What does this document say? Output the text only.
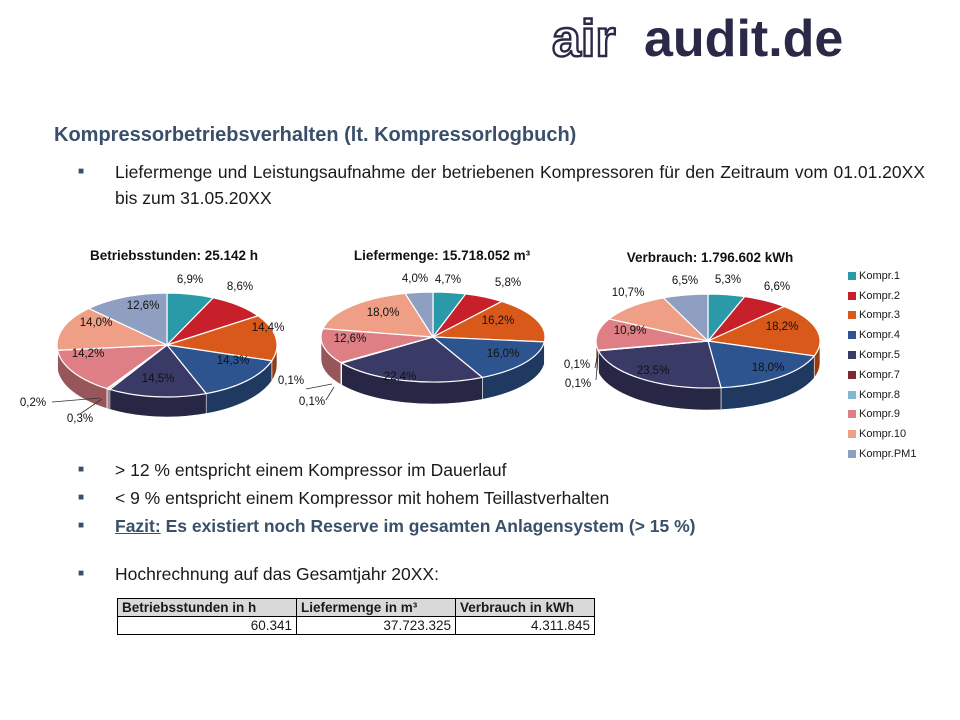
air audit.de
Kompressorbetriebsverhalten (lt. Kompressorlogbuch)
■ Liefermenge und Leistungsaufnahme der betriebenen Kompressoren für den Zeitraum vom 01.01.20XX bis zum 31.05.20XX
Betriebsstunden: 25.142 h
6,9%
8,6%
14,4%
14,3%
14,5%
0,3%
0,2%
14,2%
14,0%
12,6%
Liefermenge: 15.718.052 m³
4,7%	5,8%
16,2%
16,0%
22,4%
0,1%
0,1%
12,6%
18,0%
4,0%
Verbrauch: 1.796.602 kWh
5,3%
6,6%
18,2%
18,0%
23,5%
0,1%
0,1%
10,9%
10,7%
6,5%	Kompr.1
Kompr.2
Kompr.3
Kompr.4
Kompr.5
Kompr.7
Kompr.8
Kompr.9
Kompr.10
Kompr.PM1
■ > 12 % entspricht einem Kompressor im Dauerlauf
■ < 9 % entspricht einem Kompressor mit hohem Teillastverhalten
■ Fazit: Es existiert noch Reserve im gesamten Anlagensystem (> 15 %)
■ Hochrechnung auf das Gesamtjahr 20XX:
Betriebsstunden in h	Liefermenge in m³	Verbrauch in kWh
60.341	37.723.325	4.311.845
